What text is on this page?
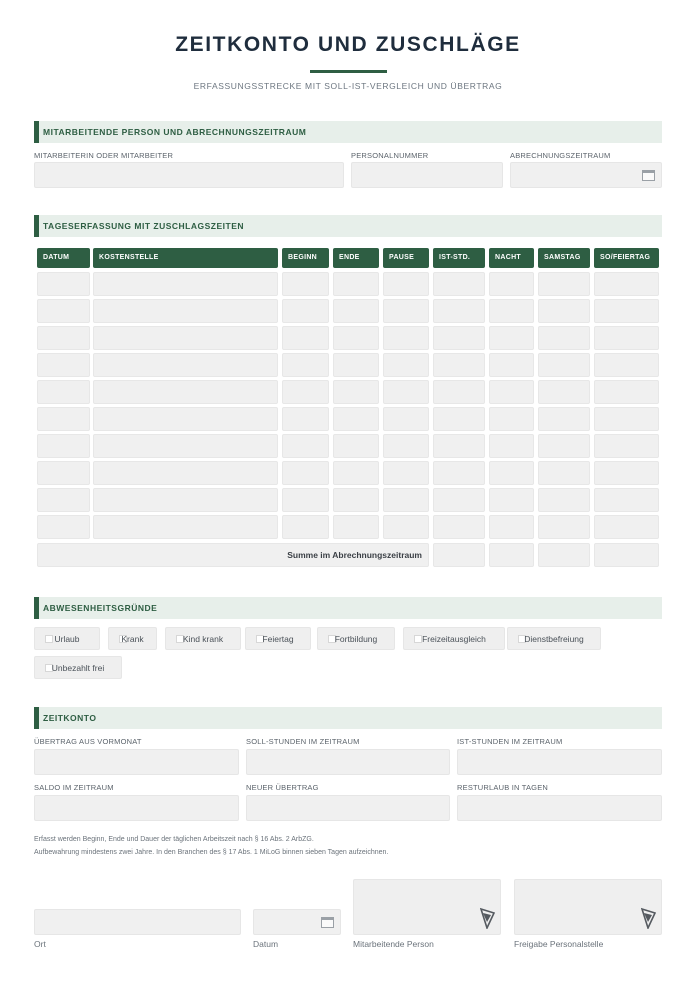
ZEITKONTO UND ZUSCHLÄGE
ERFASSUNGSSTRECKE MIT SOLL-IST-VERGLEICH UND ÜBERTRAG
MITARBEITENDE PERSON UND ABRECHNUNGSZEITRAUM
MITARBEITERIN ODER MITARBEITER	PERSONALNUMMER	ABRECHNUNGSZEITRAUM
TAGESERFASSUNG MIT ZUSCHLAGSZEITEN
DATUM	KOSTENSTELLE	BEGINN	ENDE	PAUSE	IST-STD.	NACHT	SAMSTAG	SO/FEIERTAG
Summe im Abrechnungszeitraum
ABWESENHEITSGRÜNDE
Urlaub	Krank	Kind krank	Feiertag	Fortbildung	Freizeitausgleich	Dienstbefreiung
Unbezahlt frei
ZEITKONTO
ÜBERTRAG AUS VORMONAT	SOLL-STUNDEN IM ZEITRAUM	IST-STUNDEN IM ZEITRAUM
SALDO IM ZEITRAUM	NEUER ÜBERTRAG	RESTURLAUB IN TAGEN
Erfasst werden Beginn, Ende und Dauer der täglichen Arbeitszeit nach § 16 Abs. 2 ArbZG.
Aufbewahrung mindestens zwei Jahre. In den Branchen des § 17 Abs. 1 MiLoG binnen sieben Tagen aufzeichnen.
Ort	Datum	Mitarbeitende Person	Freigabe Personalstelle
